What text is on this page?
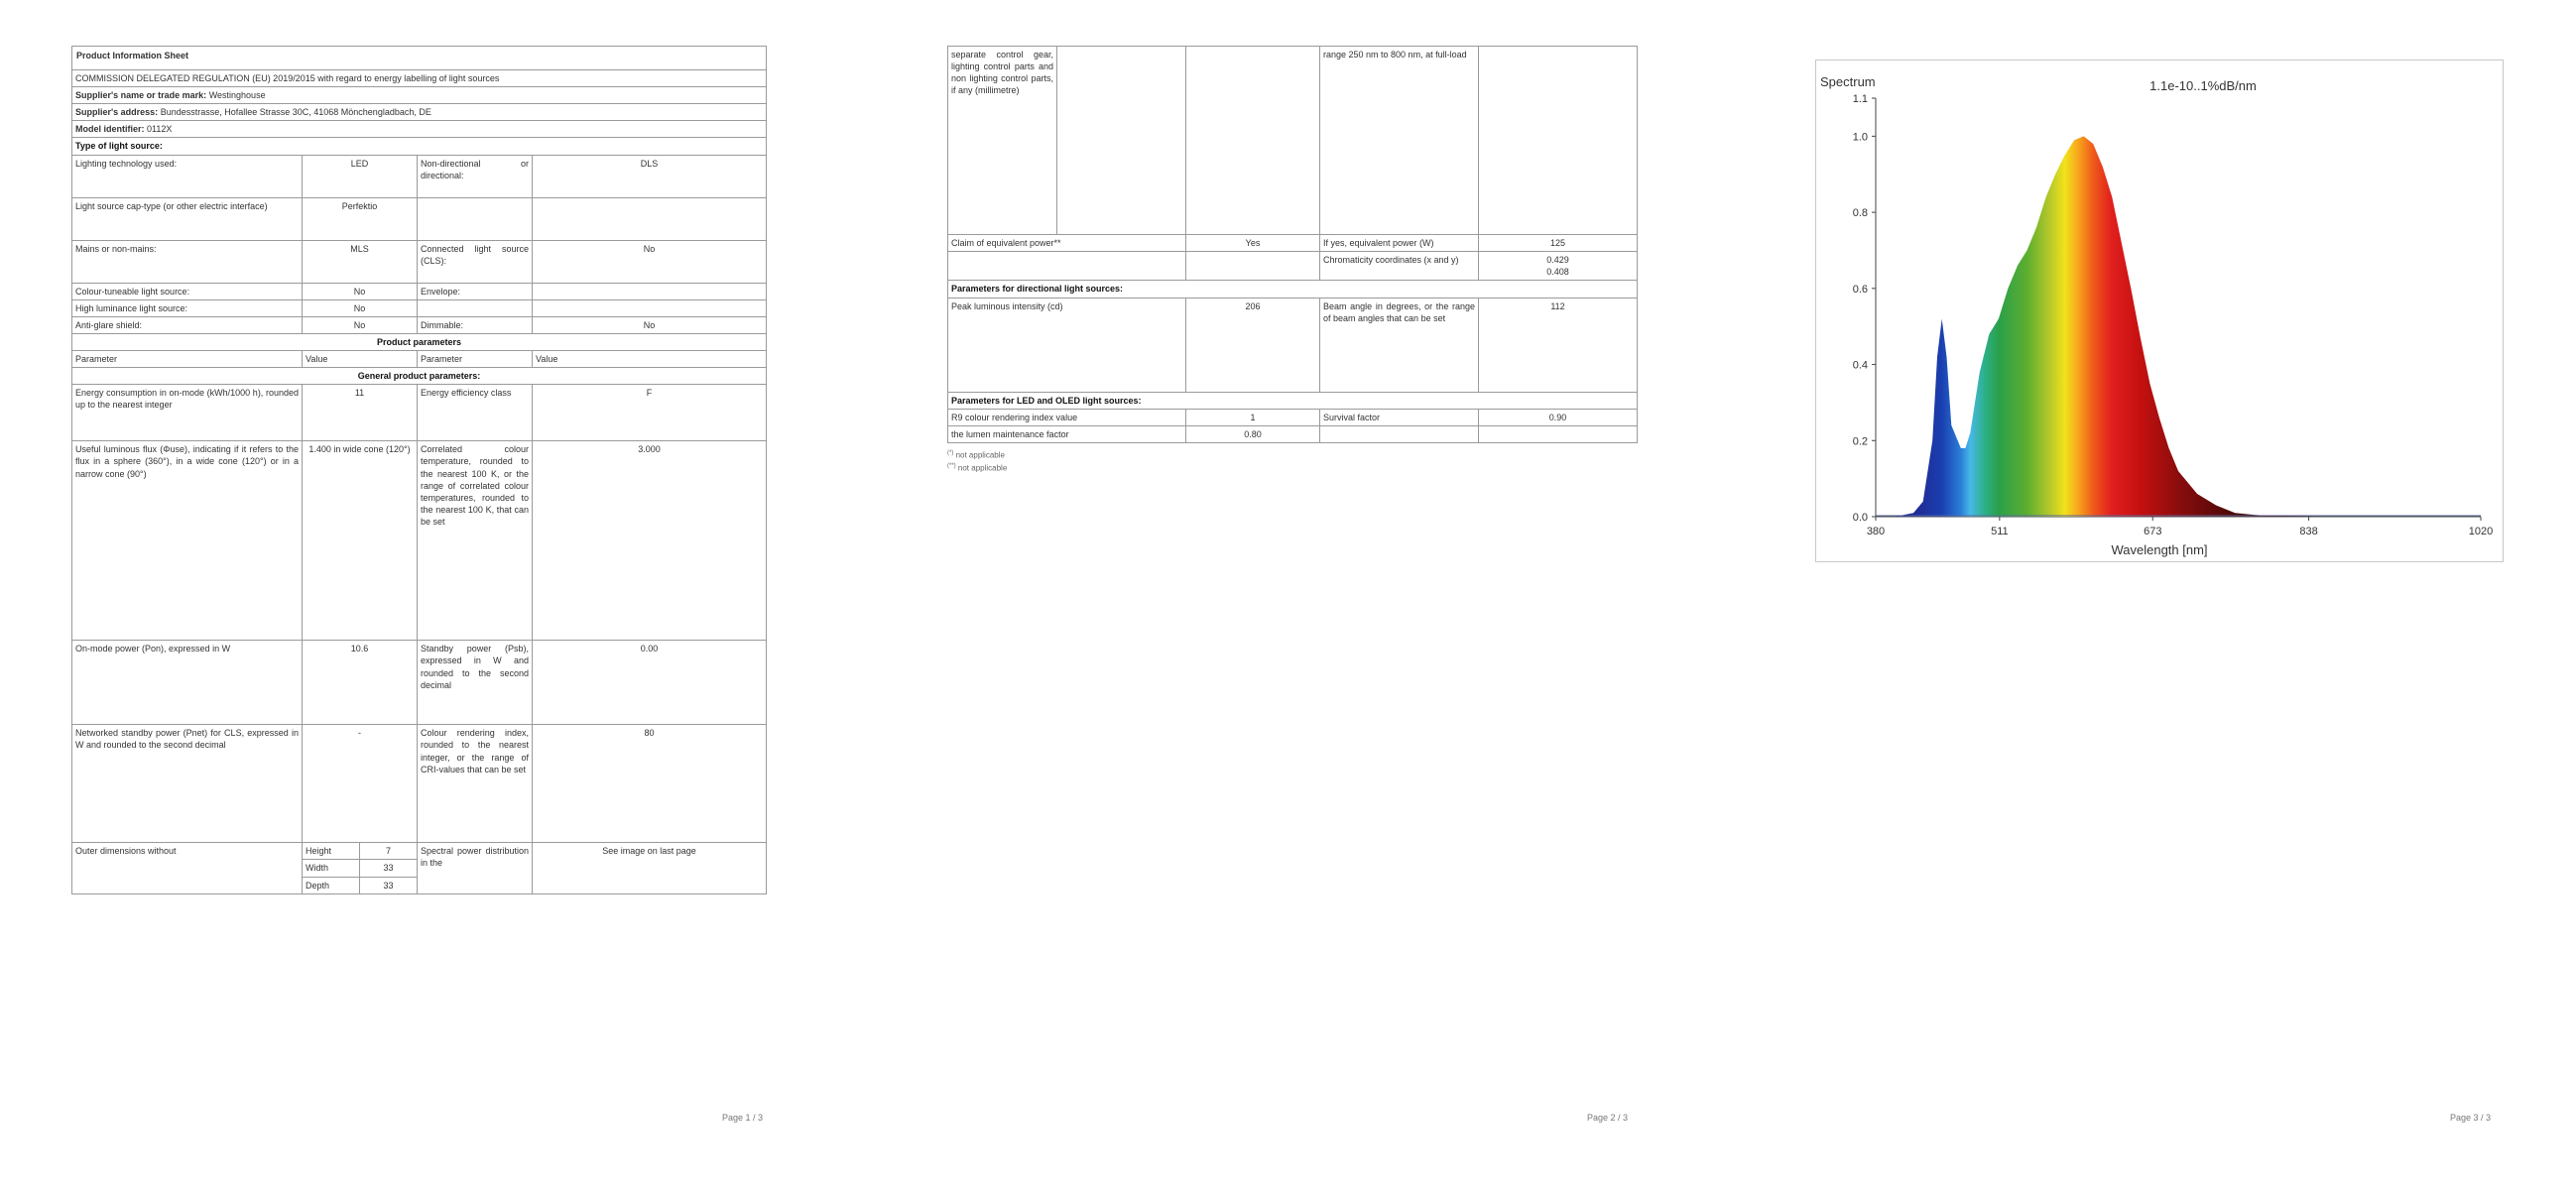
Product Information Sheet				
COMMISSION DELEGATED REGULATION (EU) 2019/2015 with regard to energy labelling of light sources				
Supplier's name or trade mark: Westinghouse				
Supplier's address: Bundesstrasse, Hofallee Strasse 30C, 41068 Mönchengladbach, DE				
Model identifier: 0112X				
Type of light source:				
Lighting technology used:	LED		Non-directional or directional:	DLS
Light source cap-type (or other electric interface)	Perfektio			
Mains or non-mains:	MLS		Connected light source (CLS):	No
Colour-tuneable light source:	No		Envelope:	
High luminance light source:	No			
Anti-glare shield:	No		Dimmable:	No
Product parameters				
Parameter	Value		Parameter	Value
General product parameters:				
Energy consumption in on-mode (kWh/1000 h), rounded up to the nearest integer	11		Energy efficiency class	F
Useful luminous flux (Φuse), indicating if it refers to the flux in a sphere (360°), in a wide cone (120°) or in a narrow cone (90°)	1.400 in wide cone (120°)		Correlated colour temperature, rounded to the nearest 100 K, or the range of correlated colour temperatures, rounded to the nearest 100 K, that can be set	3.000
On-mode power (Pon), expressed in W	10.6		Standby power (Psb), expressed in W and rounded to the second decimal	0.00
Networked standby power (Pnet) for CLS, expressed in W and rounded to the second decimal	-		Colour rendering index, rounded to the nearest integer, or the range of CRI-values that can be set	80
Outer dimensions without	Height	7	Spectral power distribution in the	See image on last page
	Width	33		
	Depth	33		
Page 1 / 3
separate control gear, lighting control parts and non lighting control parts, if any (millimetre)			range 250 nm to 800 nm, at full-load	
Claim of equivalent power**		Yes	If yes, equivalent power (W)	125
			Chromaticity coordinates (x and y)	0.429
0.408

Parameters for directional light sources:				
Peak luminous intensity (cd)		206	Beam angle in degrees, or the range of beam angles that can be set	112
Parameters for LED and OLED light sources:				
R9 colour rendering index value		1	Survival factor	0.90
the lumen maintenance factor		0.80		
(*) not applicable
(**) not applicable
Page 2 / 3
0.0
0.2
0.4
0.6
0.8
1.0
1.1
380	511	673	838	1020
Spectrum	1.1e-10..1%dB/nm
Wavelength [nm]
Page 3 / 3
